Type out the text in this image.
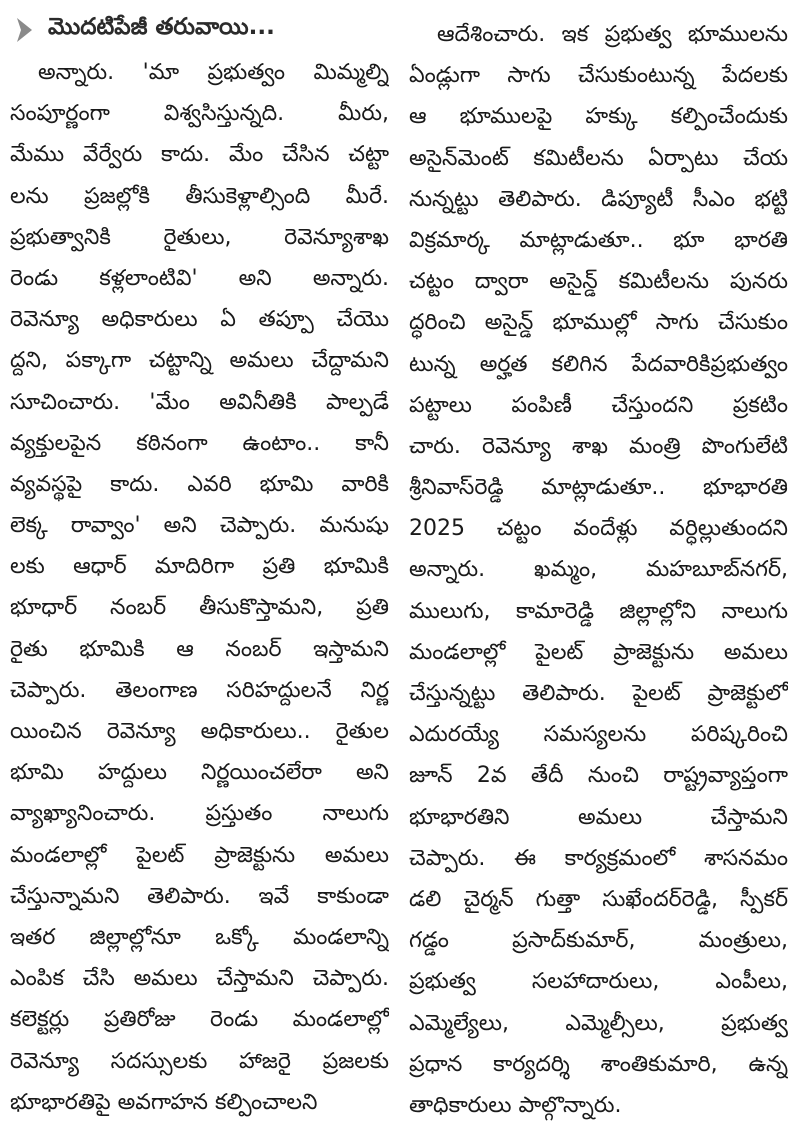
మొదటిపేజీ తరువాయి...
అన్నారు. 'మా ప్రభుత్వం మిమ్మల్ని
సంపూర్ణంగా విశ్వసిస్తున్నది. మీరు,
మేము వేర్వేరు కాదు. మేం చేసిన చట్టా
లను ప్రజల్లోకి తీసుకెళ్లాల్సింది మీరే.
ప్రభుత్వానికి రైతులు, రెవెన్యూశాఖ
రెండు కళ్లలాంటివి' అని అన్నారు.
రెవెన్యూ అధికారులు ఏ తప్పూ చేయొ
ద్దని, పక్కాగా చట్టాన్ని అమలు చేద్దామని
సూచించారు. 'మేం అవినీతికి పాల్పడే
వ్యక్తులపైన కఠినంగా ఉంటాం.. కానీ
వ్యవస్థపై కాదు. ఎవరి భూమి వారికి
లెక్క రావ్వాం' అని చెప్పారు. మనుషు
లకు ఆధార్ మాదిరిగా ప్రతి భూమికి
భూధార్ నంబర్ తీసుకొస్తామని, ప్రతి
రైతు భూమికి ఆ నంబర్ ఇస్తామని
చెప్పారు. తెలంగాణ సరిహద్దులనే నిర్ణ
యించిన రెవెన్యూ అధికారులు.. రైతుల
భూమి హద్దులు నిర్ణయించలేరా అని
వ్యాఖ్యానించారు. ప్రస్తుతం నాలుగు
మండలాల్లో పైలట్ ప్రాజెక్టును అమలు
చేస్తున్నామని తెలిపారు. ఇవే కాకుండా
ఇతర జిల్లాల్లోనూ ఒక్కో మండలాన్ని
ఎంపిక చేసి అమలు చేస్తామని చెప్పారు.
కలెక్టర్లు ప్రతిరోజు రెండు మండలాల్లో
రెవెన్యూ సదస్సులకు హాజరై ప్రజలకు
భూభారతిపై అవగాహన కల్పించాలని
ఆదేశించారు. ఇక ప్రభుత్వ భూములను
ఏండ్లుగా సాగు చేసుకుంటున్న పేదలకు
ఆ భూములపై హక్కు కల్పించేందుకు
అసైన్‌మెంట్ కమిటీలను ఏర్పాటు చేయ
నున్నట్టు తెలిపారు. డిప్యూటీ సీఎం భట్టి
విక్రమార్క మాట్లాడుతూ.. భూ భారతి
చట్టం ద్వారా అసైన్డ్ కమిటీలను పునరు
ద్ధరించి అసైన్డ్ భూముల్లో సాగు చేసుకుం
టున్న అర్హత కలిగిన పేదవారికిప్రభుత్వం
పట్టాలు పంపిణీ చేస్తుందని ప్రకటిం
చారు. రెవెన్యూ శాఖ మంత్రి పొంగులేటి
శ్రీనివాస్‌రెడ్డి మాట్లాడుతూ.. భూభారతి
2025 చట్టం వందేళ్లు వర్ధిల్లుతుందని
అన్నారు. ఖమ్మం, మహబూబ్‌నగర్,
ములుగు, కామారెడ్డి జిల్లాల్లోని నాలుగు
మండలాల్లో పైలట్ ప్రాజెక్టును అమలు
చేస్తున్నట్టు తెలిపారు. పైలట్ ప్రాజెక్టులో
ఎదురయ్యే సమస్యలను పరిష్కరించి
జూన్ 2వ తేదీ నుంచి రాష్ట్రవ్యాప్తంగా
భూభారతిని అమలు చేస్తామని
చెప్పారు. ఈ కార్యక్రమంలో శాసనమం
డలి చైర్మన్ గుత్తా సుఖేందర్‌రెడ్డి, స్పీకర్
గడ్డం ప్రసాద్‌కుమార్, మంత్రులు,
ప్రభుత్వ సలహాదారులు, ఎంపీలు,
ఎమ్మెల్యేలు, ఎమ్మెల్సీలు, ప్రభుత్వ
ప్రధాన కార్యదర్శి శాంతికుమారి, ఉన్న
తాధికారులు పాల్గొన్నారు.
